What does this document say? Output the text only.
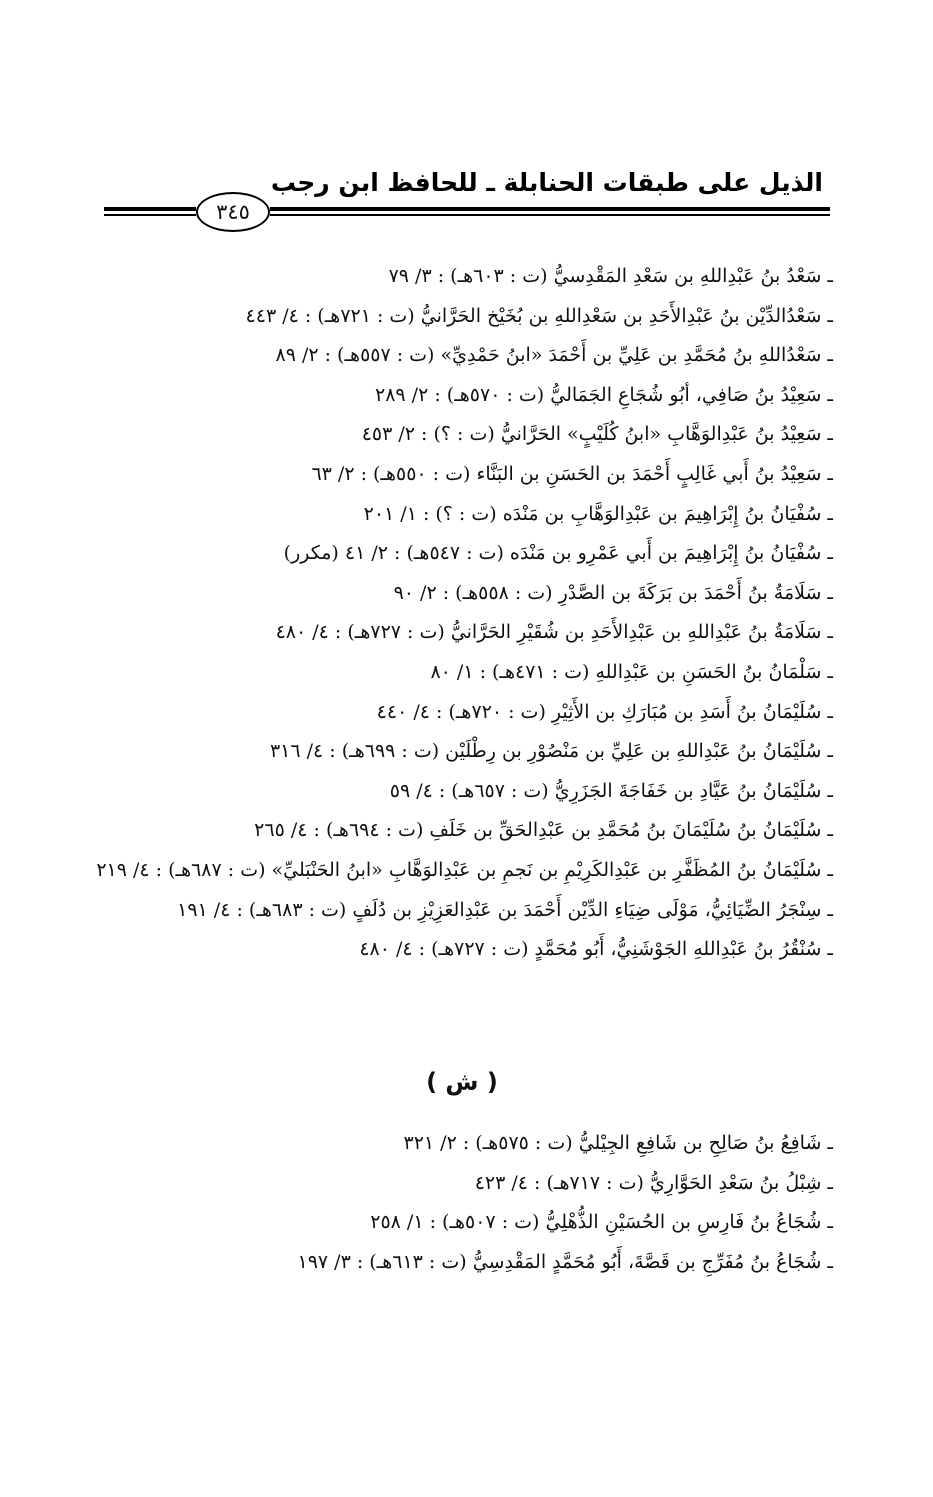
الذيل على طبقات الحنابلة ـ للحافظ ابن رجب
٣٤٥
ـ سَعْدُ بنُ عَبْدِاللهِ بن سَعْدِ المَقْدِسيُّ (ت : ٦٠٣هـ) : ٣/ ٧٩
ـ سَعْدُالدِّيْن بنُ عَبْدِالأَحَدِ بن سَعْدِاللهِ بن بُخَيْخ الحَرَّانيُّ (ت : ٧٢١هـ) : ٤/ ٤٤٣
ـ سَعْدُاللهِ بنُ مُحَمَّدِ بن عَلِيِّ بن أَحْمَدَ «ابنُ حَمْدِيِّ» (ت : ٥٥٧هـ) : ٢/ ٨٩
ـ سَعِيْدُ بنُ صَافِي، أبُو شُجَاعِ الجَمَاليُّ (ت : ٥٧٠هـ) : ٢/ ٢٨٩
ـ سَعِيْدُ بنُ عَبْدِالوَهَّابِ «ابنُ كُلَيْبٍ» الحَرَّانيُّ (ت : ؟) : ٢/ ٤٥٣
ـ سَعِيْدُ بنُ أَبي غَالِبٍ أَحْمَدَ بن الحَسَنِ بن البَنَّاء (ت : ٥٥٠هـ) : ٢/ ٦٣
ـ سُفْيَانُ بنُ إِبْرَاهِيمَ بن عَبْدِالوَهَّابِ بن مَنْدَه (ت : ؟) : ١/ ٢٠١
ـ سُفْيَانُ بنُ إِبْرَاهِيمَ بن أَبي عَمْرِو بن مَنْدَه (ت : ٥٤٧هـ) : ٢/ ٤١ (مكرر)
ـ سَلَامَةُ بنُ أَحْمَدَ بن بَرَكَةَ بن الصَّدْرِ (ت : ٥٥٨هـ) : ٢/ ٩٠
ـ سَلَامَةُ بنُ عَبْدِاللهِ بن عَبْدِالأَحَدِ بن شُقَيْرِ الحَرَّانيُّ (ت : ٧٢٧هـ) : ٤/ ٤٨٠
ـ سَلْمَانُ بنُ الحَسَنِ بن عَبْدِاللهِ (ت : ٤٧١هـ) : ١/ ٨٠
ـ سُلَيْمَانُ بنُ أَسَدِ بن مُبَارَكِ بن الأَثِيْرِ (ت : ٧٢٠هـ) : ٤/ ٤٤٠
ـ سُلَيْمَانُ بنُ عَبْدِاللهِ بن عَلِيِّ بن مَنْصُوْرِ بن رِطْلَيْن (ت : ٦٩٩هـ) : ٤/ ٣١٦
ـ سُلَيْمَانُ بنُ عَيَّادِ بن خَفَاجَةَ الجَزَرِيُّ (ت : ٦٥٧هـ) : ٤/ ٥٩
ـ سُلَيْمَانُ بنُ سُلَيْمَانَ بنُ مُحَمَّدِ بن عَبْدِالحَقِّ بن خَلَفِ (ت : ٦٩٤هـ) : ٤/ ٢٦٥
ـ سُلَيْمَانُ بنُ المُظَفَّرِ بن عَبْدِالكَرِيْمِ بن نَجمِ بن عَبْدِالوَهَّابِ «ابنُ الحَنْبَليِّ» (ت : ٦٨٧هـ) : ٤/ ٢١٩
ـ سِنْجَرُ الضِّيَائِيُّ، مَوْلَى ضِيَاءِ الدِّيْن أَحْمَدَ بن عَبْدِالعَزِيْزِ بن دُلَفٍ (ت : ٦٨٣هـ) : ٤/ ١٩١
ـ سُنْقُرُ بنُ عَبْدِاللهِ الجَوْشَنِيُّ، أَبُو مُحَمَّدٍ (ت : ٧٢٧هـ) : ٤/ ٤٨٠
( ش )
ـ شَافِعُ بنُ صَالِحِ بن شَافِعِ الجِيْليُّ (ت : ٥٧٥هـ) : ٢/ ٣٢١
ـ شِبْلُ بنُ سَعْدِ الحَوَّارِيُّ (ت : ٧١٧هـ) : ٤/ ٤٢٣
ـ شُجَاعُ بنُ فَارِسِ بن الحُسَيْنِ الذُّهْلِيُّ (ت : ٥٠٧هـ) : ١/ ٢٥٨
ـ شُجَاعُ بنُ مُفَرِّجِ بن قَصَّةَ، أَبُو مُحَمَّدٍ المَقْدِسِيُّ (ت : ٦١٣هـ) : ٣/ ١٩٧
